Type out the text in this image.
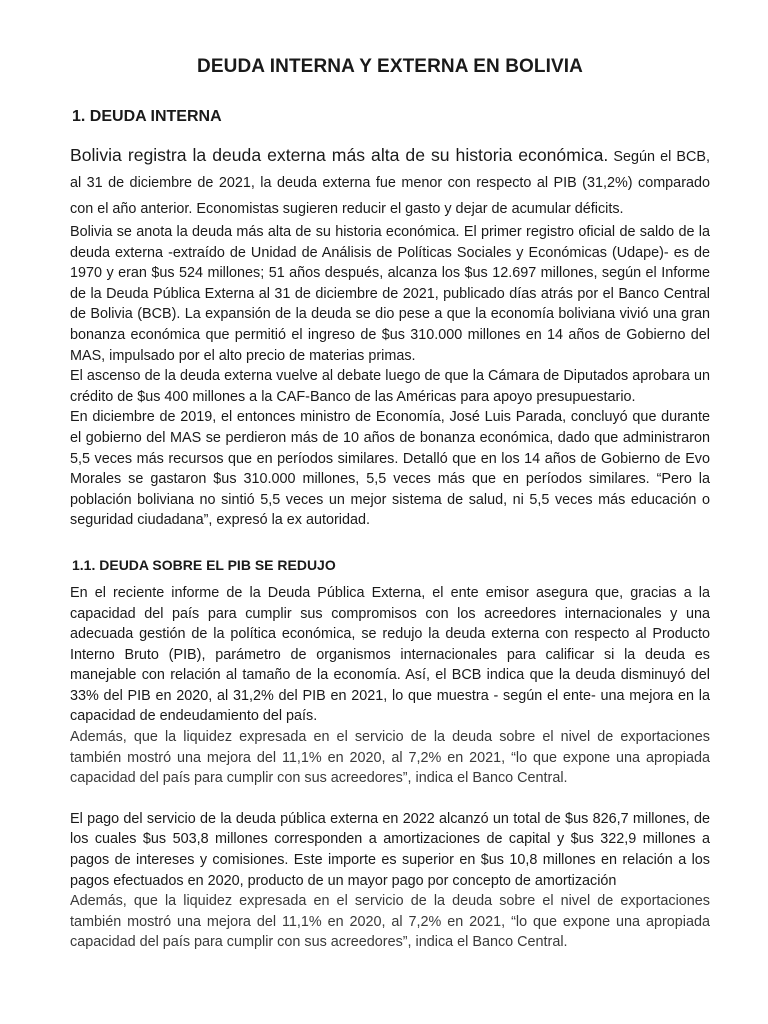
DEUDA INTERNA Y EXTERNA EN BOLIVIA
1. DEUDA INTERNA

Bolivia registra la deuda externa más alta de su historia económica. Según el BCB, al 31 de diciembre de 2021, la deuda externa fue menor con respecto al PIB (31,2%) comparado con el año anterior. Economistas sugieren reducir el gasto y dejar de acumular déficits.

Bolivia se anota la deuda más alta de su historia económica. El primer registro oficial de saldo de la deuda externa -extraído de Unidad de Análisis de Políticas Sociales y Económicas (Udape)- es de 1970 y eran $us 524 millones; 51 años después, alcanza los $us 12.697 millones, según el Informe de la Deuda Pública Externa al 31 de diciembre de 2021, publicado días atrás por el Banco Central de Bolivia (BCB). La expansión de la deuda se dio pese a que la economía boliviana vivió una gran bonanza económica que permitió el ingreso de $us 310.000 millones en 14 años de Gobierno del MAS, impulsado por el alto precio de materias primas.

El ascenso de la deuda externa vuelve al debate luego de que la Cámara de Diputados aprobara un crédito de $us 400 millones a la CAF-Banco de las Américas para apoyo presupuestario.

En diciembre de 2019, el entonces ministro de Economía, José Luis Parada, concluyó que durante el gobierno del MAS se perdieron más de 10 años de bonanza económica, dado que administraron 5,5 veces más recursos que en períodos similares. Detalló que en los 14 años de Gobierno de Evo Morales se gastaron $us 310.000 millones, 5,5 veces más que en períodos similares. “Pero la población boliviana no sintió 5,5 veces un mejor sistema de salud, ni 5,5 veces más educación o seguridad ciudadana”, expresó la ex autoridad.

1.1. DEUDA SOBRE EL PIB SE REDUJO

En el reciente informe de la Deuda Pública Externa, el ente emisor asegura que, gracias a la capacidad del país para cumplir sus compromisos con los acreedores internacionales y una adecuada gestión de la política económica, se redujo la deuda externa con respecto al Producto Interno Bruto (PIB), parámetro de organismos internacionales para calificar si la deuda es manejable con relación al tamaño de la economía. Así, el BCB indica que la deuda disminuyó del 33% del PIB en 2020, al 31,2% del PIB en 2021, lo que muestra - según el ente- una mejora en la capacidad de endeudamiento del país.

Además, que la liquidez expresada en el servicio de la deuda sobre el nivel de exportaciones también mostró una mejora del 11,1% en 2020, al 7,2% en 2021, “lo que expone una apropiada capacidad del país para cumplir con sus acreedores”, indica el Banco Central.

El pago del servicio de la deuda pública externa en 2022 alcanzó un total de $us 826,7 millones, de los cuales $us 503,8 millones corresponden a amortizaciones de capital y $us 322,9 millones a pagos de intereses y comisiones. Este importe es superior en $us 10,8 millones en relación a los pagos efectuados en 2020, producto de un mayor pago por concepto de amortización

Además, que la liquidez expresada en el servicio de la deuda sobre el nivel de exportaciones también mostró una mejora del 11,1% en 2020, al 7,2% en 2021, “lo que expone una apropiada capacidad del país para cumplir con sus acreedores”, indica el Banco Central.
